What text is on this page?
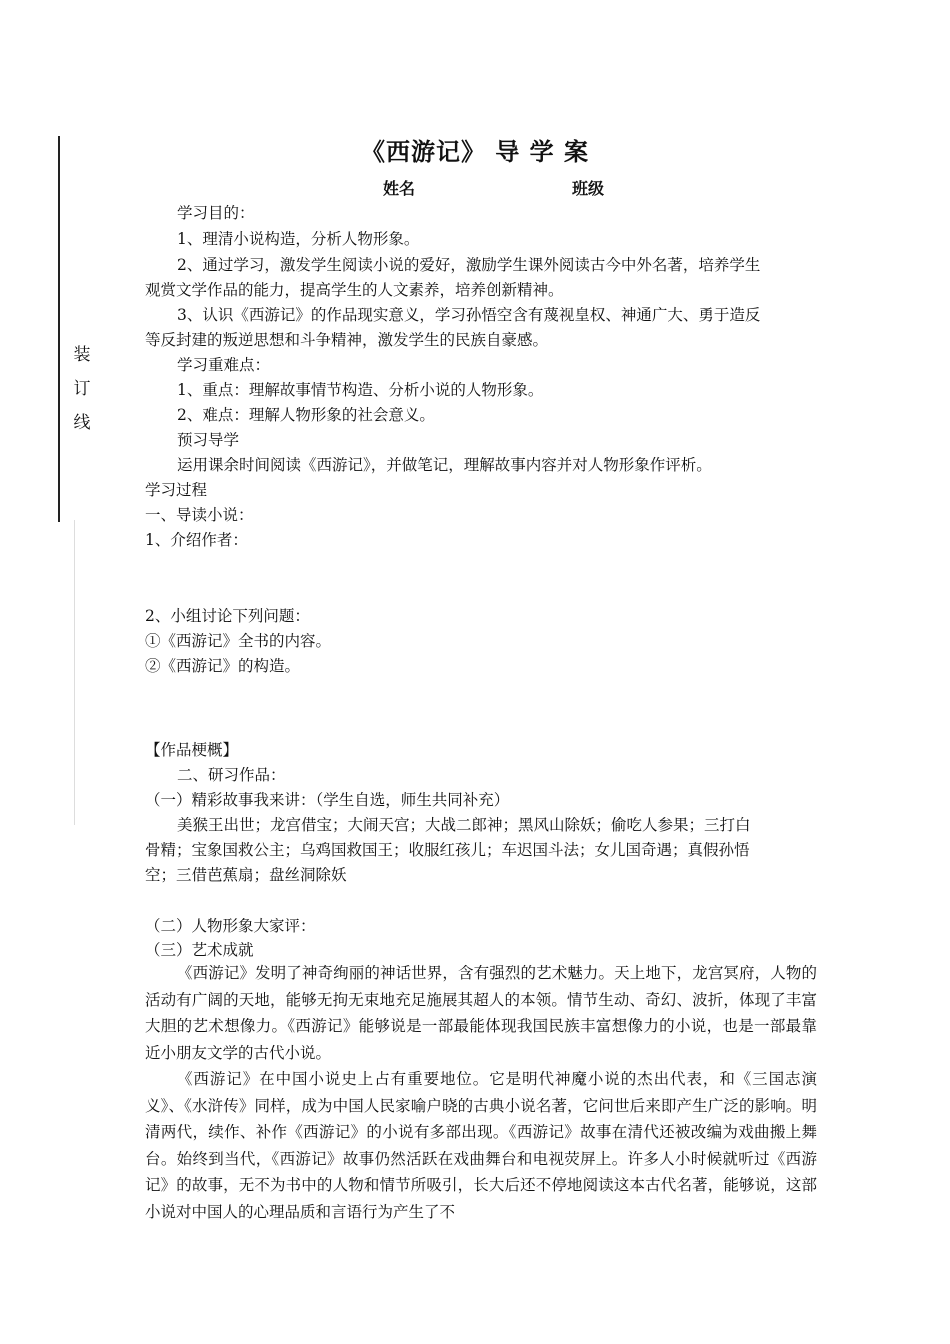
装
订
线
《西游记》 导 学 案
姓名	班级
学习目的：
1、理清小说构造，分析人物形象。
2、通过学习，激发学生阅读小说的爱好，激励学生课外阅读古今中外名著，培养学生
观赏文学作品的能力，提高学生的人文素养，培养创新精神。
3、认识《西游记》的作品现实意义，学习孙悟空含有蔑视皇权、神通广大、勇于造反
等反封建的叛逆思想和斗争精神，激发学生的民族自豪感。
学习重难点：
1、重点：理解故事情节构造、分析小说的人物形象。
2、难点：理解人物形象的社会意义。
预习导学
运用课余时间阅读《西游记》，并做笔记，理解故事内容并对人物形象作评析。
学习过程
一、导读小说：
1、介绍作者：
2、小组讨论下列问题：
①《西游记》全书的内容。
②《西游记》的构造。
【作品梗概】
二、研习作品：
（一）精彩故事我来讲：（学生自选，师生共同补充）
美猴王出世；龙宫借宝；大闹天宫；大战二郎神；黑风山除妖；偷吃人参果；三打白
骨精；宝象国救公主；乌鸡国救国王；收服红孩儿；车迟国斗法；女儿国奇遇；真假孙悟
空；三借芭蕉扇；盘丝洞除妖
（二）人物形象大家评：
（三）艺术成就

《西游记》发明了神奇绚丽的神话世界，含有强烈的艺术魅力。天上地下，龙宫冥府，人物的活动有广阔的天地，能够无拘无束地充足施展其超人的本领。情节生动、奇幻、波折，体现了丰富大胆的艺术想像力。《西游记》能够说是一部最能体现我国民族丰富想像力的小说，也是一部最靠近小朋友文学的古代小说。

《西游记》在中国小说史上占有重要地位。它是明代神魔小说的杰出代表，和《三国志演义》、《水浒传》同样，成为中国人民家喻户晓的古典小说名著，它问世后来即产生广泛的影响。明清两代，续作、补作《西游记》的小说有多部出现。《西游记》故事在清代还被改编为戏曲搬上舞台。始终到当代，《西游记》故事仍然活跃在戏曲舞台和电视荧屏上。许多人小时候就听过《西游记》的故事，无不为书中的人物和情节所吸引，长大后还不停地阅读这本古代名著，能够说，这部小说对中国人的心理品质和言语行为产生了不
